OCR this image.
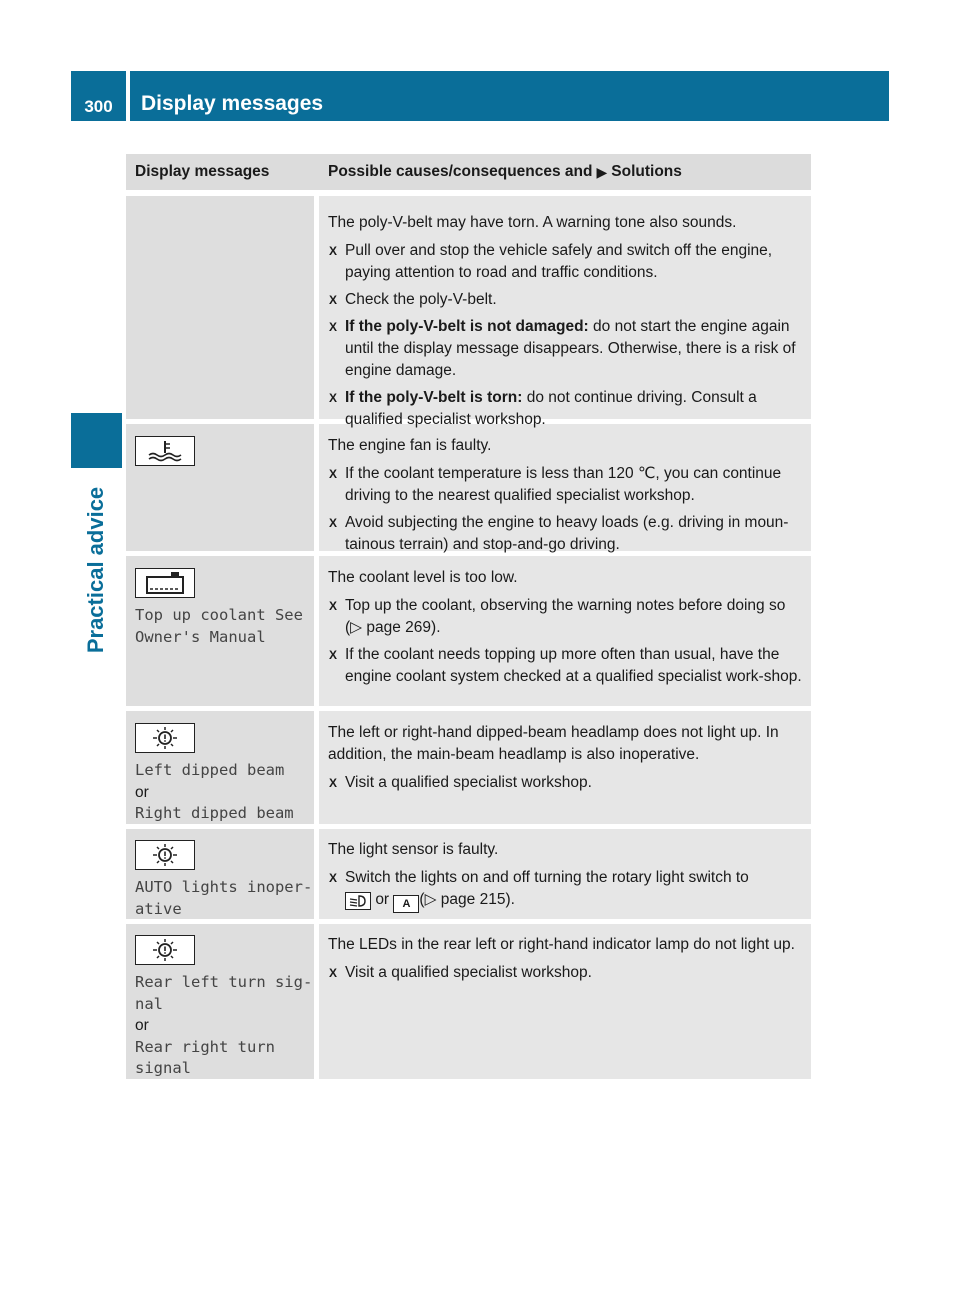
300	Display messages
Practical advice
Display messages	Possible causes/consequences and ▶ Solutions

The poly-V-belt may have torn. A warning tone also sounds.

X Pull over and stop the vehicle safely and switch off the engine, paying attention to road and traffic conditions.
X Check the poly-V-belt.
X If the poly-V-belt is not damaged: do not start the engine again until the display message disappears. Otherwise, there is a risk of engine damage.
X If the poly-V-belt is torn: do not continue driving. Consult a qualified specialist workshop.

The engine fan is faulty.

X If the coolant temperature is less than 120 ℃, you can continue driving to the nearest qualified specialist workshop.
X Avoid subjecting the engine to heavy loads (e.g. driving in moun-tainous terrain) and stop-and-go driving.
Top up coolant See
Owner's Manual

The coolant level is too low.

X Top up the coolant, observing the warning notes before doing so (▷ page 269).
X If the coolant needs topping up more often than usual, have the engine coolant system checked at a qualified specialist work-shop.
Left dipped beam
or
Right dipped beam

The left or right-hand dipped-beam headlamp does not light up. In addition, the main-beam headlamp is also inoperative.

X Visit a qualified specialist workshop.
AUTO lights inoper-
ative

The light sensor is faulty.

X Switch the lights on and off turning the rotary light switch to

or A (▷ page 215).
Rear left turn sig-
nal
or
Rear right turn
signal

The LEDs in the rear left or right-hand indicator lamp do not light up.

X Visit a qualified specialist workshop.
